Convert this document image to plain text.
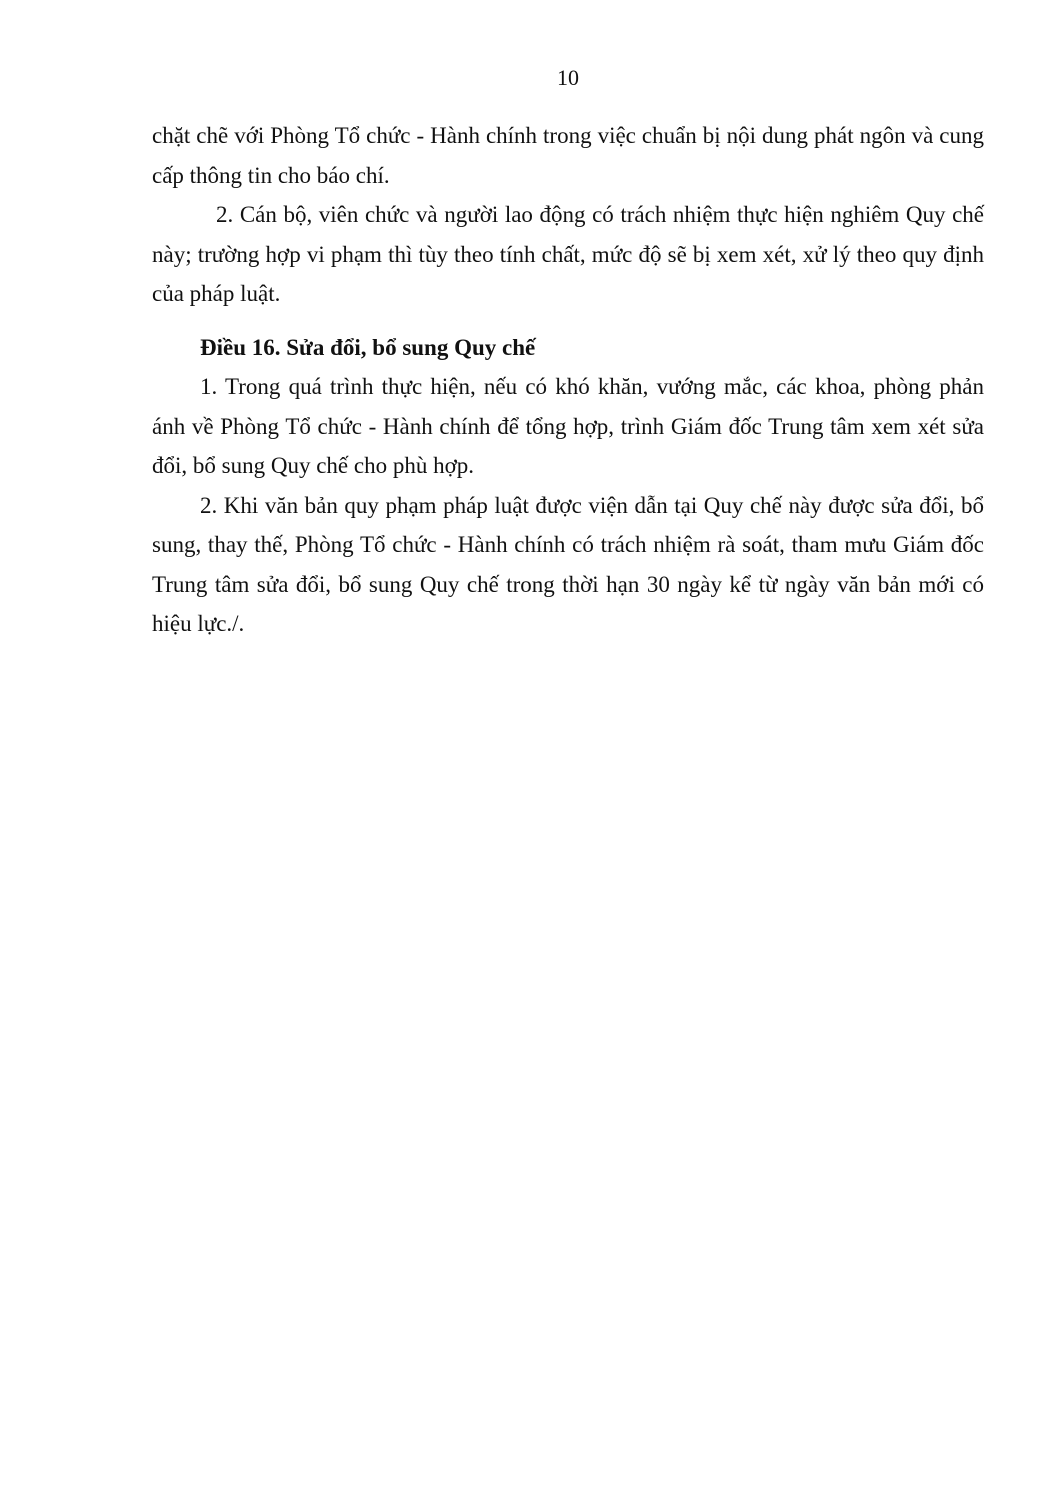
10

chặt chẽ với Phòng Tổ chức - Hành chính trong việc chuẩn bị nội dung phát ngôn và cung cấp thông tin cho báo chí.

2. Cán bộ, viên chức và người lao động có trách nhiệm thực hiện nghiêm Quy chế này; trường hợp vi phạm thì tùy theo tính chất, mức độ sẽ bị xem xét, xử lý theo quy định của pháp luật.

Điều 16. Sửa đổi, bổ sung Quy chế

1. Trong quá trình thực hiện, nếu có khó khăn, vướng mắc, các khoa, phòng phản ánh về Phòng Tổ chức - Hành chính để tổng hợp, trình Giám đốc Trung tâm xem xét sửa đổi, bổ sung Quy chế cho phù hợp.

2. Khi văn bản quy phạm pháp luật được viện dẫn tại Quy chế này được sửa đổi, bổ sung, thay thế, Phòng Tổ chức - Hành chính có trách nhiệm rà soát, tham mưu Giám đốc Trung tâm sửa đổi, bổ sung Quy chế trong thời hạn 30 ngày kể từ ngày văn bản mới có hiệu lực./.
